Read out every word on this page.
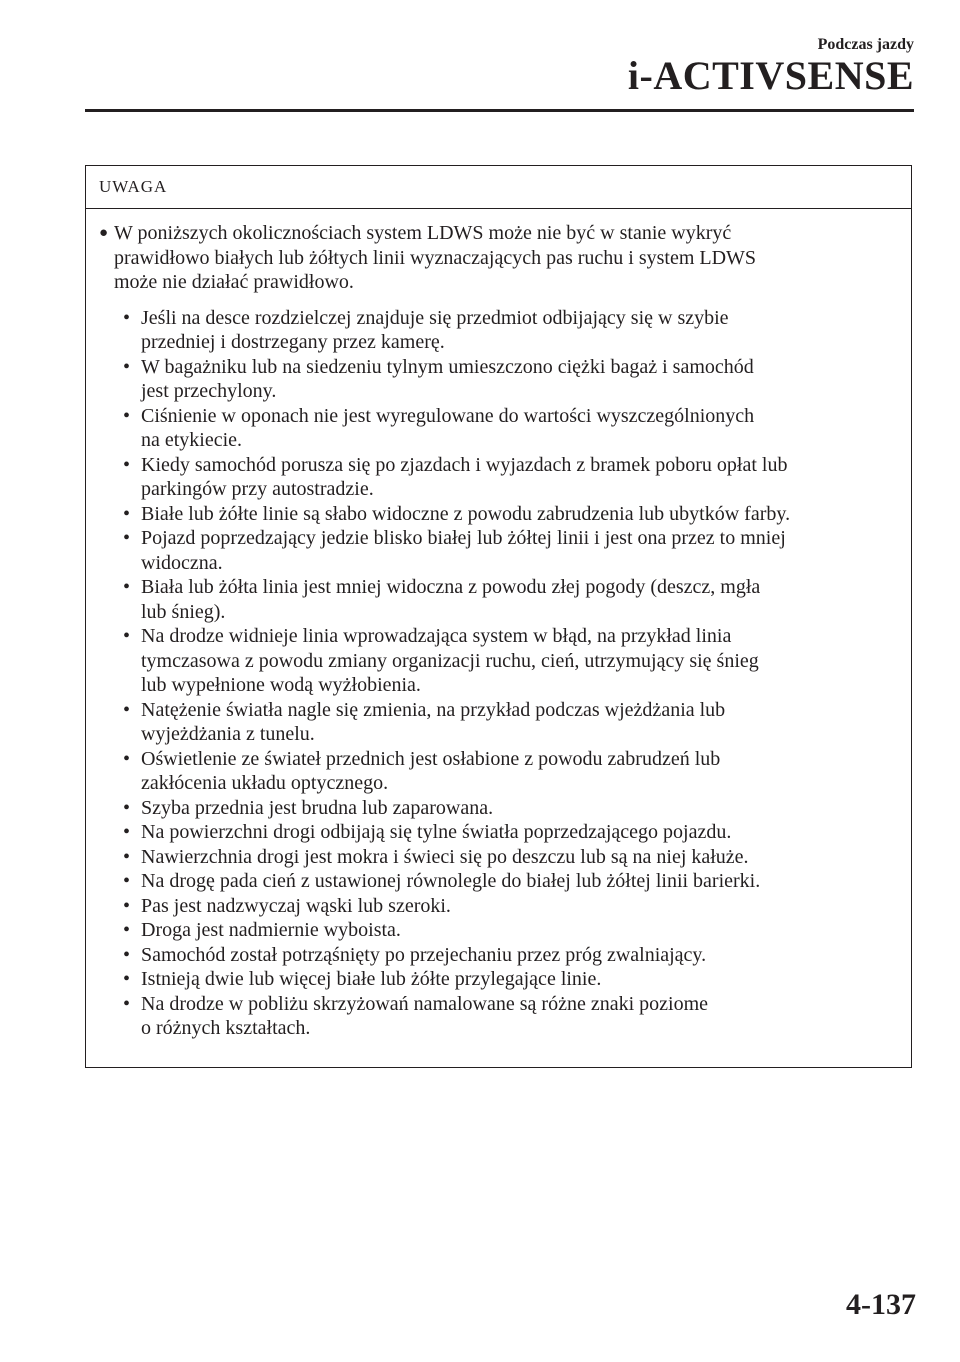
Podczas jazdy
i-ACTIVSENSE
UWAGA
● W poniższych okolicznościach system LDWS może nie być w stanie wykryć
prawidłowo białych lub żółtych linii wyznaczających pas ruchu i system LDWS
może nie działać prawidłowo.
• Jeśli na desce rozdzielczej znajduje się przedmiot odbijający się w szybie
przedniej i dostrzegany przez kamerę.
• W bagażniku lub na siedzeniu tylnym umieszczono ciężki bagaż i samochód
jest przechylony.
• Ciśnienie w oponach nie jest wyregulowane do wartości wyszczególnionych
na etykiecie.
• Kiedy samochód porusza się po zjazdach i wyjazdach z bramek poboru opłat lub
parkingów przy autostradzie.
• Białe lub żółte linie są słabo widoczne z powodu zabrudzenia lub ubytków farby.
• Pojazd poprzedzający jedzie blisko białej lub żółtej linii i jest ona przez to mniej
widoczna.
• Biała lub żółta linia jest mniej widoczna z powodu złej pogody (deszcz, mgła
lub śnieg).
• Na drodze widnieje linia wprowadzająca system w błąd, na przykład linia
tymczasowa z powodu zmiany organizacji ruchu, cień, utrzymujący się śnieg
lub wypełnione wodą wyżłobienia.
• Natężenie światła nagle się zmienia, na przykład podczas wjeżdżania lub
wyjeżdżania z tunelu.
• Oświetlenie ze świateł przednich jest osłabione z powodu zabrudzeń lub
zakłócenia układu optycznego.
• Szyba przednia jest brudna lub zaparowana.
• Na powierzchni drogi odbijają się tylne światła poprzedzającego pojazdu.
• Nawierzchnia drogi jest mokra i świeci się po deszczu lub są na niej kałuże.
• Na drogę pada cień z ustawionej równolegle do białej lub żółtej linii barierki.
• Pas jest nadzwyczaj wąski lub szeroki.
• Droga jest nadmiernie wyboista.
• Samochód został potrząśnięty po przejechaniu przez próg zwalniający.
• Istnieją dwie lub więcej białe lub żółte przylegające linie.
• Na drodze w pobliżu skrzyżowań namalowane są różne znaki poziome
o różnych kształtach.
4-137
